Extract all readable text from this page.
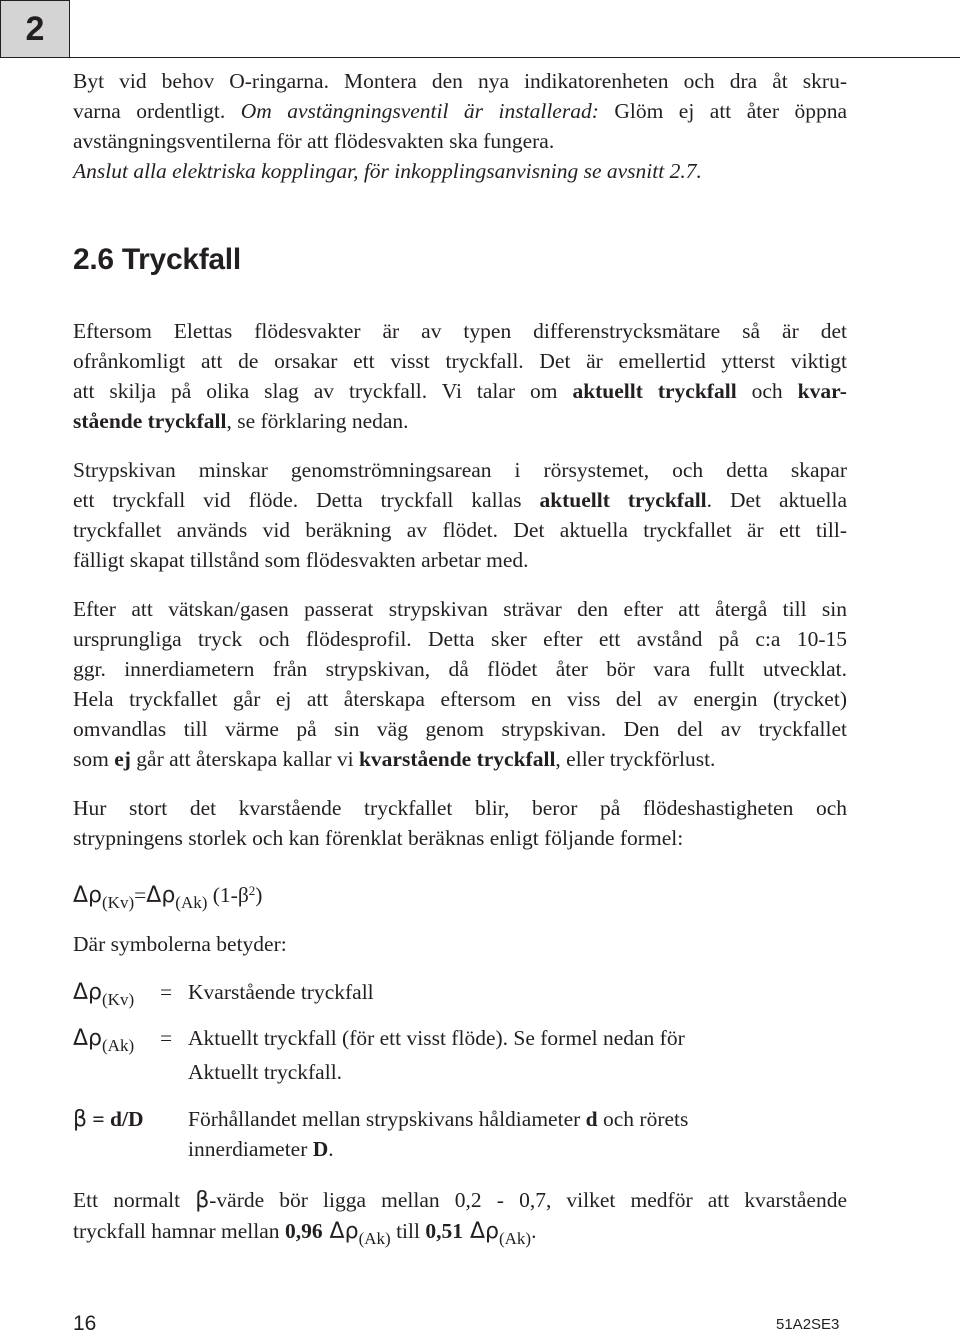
2
Byt vid behov O-ringarna. Montera den nya indikatorenheten och dra åt skru-
varna ordentligt. Om avstängningsventil är installerad: Glöm ej att åter öppna
avstängningsventilerna för att flödesvakten ska fungera.
Anslut alla elektriska kopplingar, för inkopplingsanvisning se avsnitt 2.7.
2.6 Tryckfall
Eftersom Elettas flödesvakter är av typen differenstrycksmätare så är det
ofrånkomligt att de orsakar ett visst tryckfall. Det är emellertid ytterst viktigt
att skilja på olika slag av tryckfall. Vi talar om aktuellt tryckfall och kvar-
stående tryckfall, se förklaring nedan.
Strypskivan minskar genomströmningsarean i rörsystemet, och detta skapar
ett tryckfall vid flöde. Detta tryckfall kallas aktuellt tryckfall. Det aktuella
tryckfallet används vid beräkning av flödet. Det aktuella tryckfallet är ett till-
fälligt skapat tillstånd som flödesvakten arbetar med.
Efter att vätskan/gasen passerat strypskivan strävar den efter att återgå till sin
ursprungliga tryck och flödesprofil. Detta sker efter ett avstånd på c:a 10-15
ggr. innerdiametern från strypskivan, då flödet åter bör vara fullt utvecklat.
Hela tryckfallet går ej att återskapa eftersom en viss del av energin (trycket)
omvandlas till värme på sin väg genom strypskivan. Den del av tryckfallet
som ej går att återskapa kallar vi kvarstående tryckfall, eller tryckförlust.
Hur stort det kvarstående tryckfallet blir, beror på flödeshastigheten och
strypningens storlek och kan förenklat beräknas enligt följande formel:
$\Delta\rho_{(Kv)}=\Delta\rho_{(Ak)}$ $(1-\beta^2)$
Där symbolerna betyder:
$\Delta\rho_{(Kv)}$ = Kvarstående tryckfall
$\Delta\rho_{(Ak)}$ = Aktuellt tryckfall (för ett visst flöde). Se formel nedan för
Aktuellt tryckfall.
β = d/D Förhållandet mellan strypskivans håldiameter d och rörets
innerdiameter D.
Ett normalt β-värde bör ligga mellan 0,2 - 0,7, vilket medför att kvarstående
tryckfall hamnar mellan 0,96 $\Delta\rho_{(Ak)}$ till 0,51 $\Delta\rho_{(Ak)}$.
16	51A2SE3
